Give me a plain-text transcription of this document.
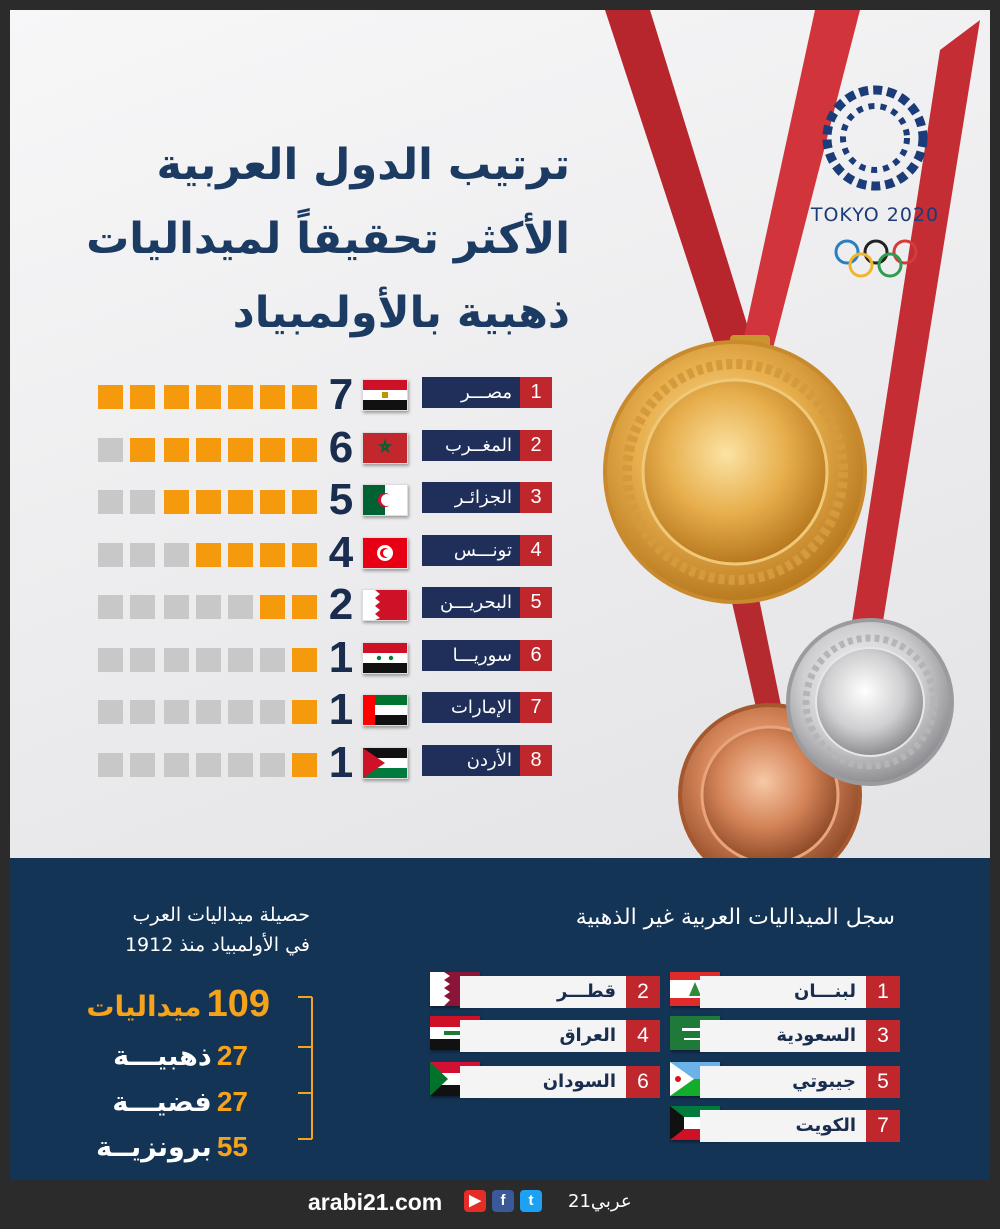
TOKYO 2020
ترتيب الدول العربية
الأكثر تحقيقاً لميداليات
ذهبية بالأولمبياد
7	مصـــر 1
6	المغــرب 2
5	الجزائـر 3
4	تونـــس 4
2	البحريـــن 5
1	سوريـــا 6
1	الإمارات 7
1	الأردن 8
حصيلة ميداليات العرب
في الأولمبياد منذ 1912
109 ميداليات
27 ذهبيـــة
27 فضيـــة
55 برونزيــة
سجل الميداليات العربية غير الذهبية
لبنـــان	1
قطـــر	2
السعودية	3
العراق	4
جيبوتي	5
السودان	6
الكويت	7
arabi21.com	▶	f	t	عربي21
